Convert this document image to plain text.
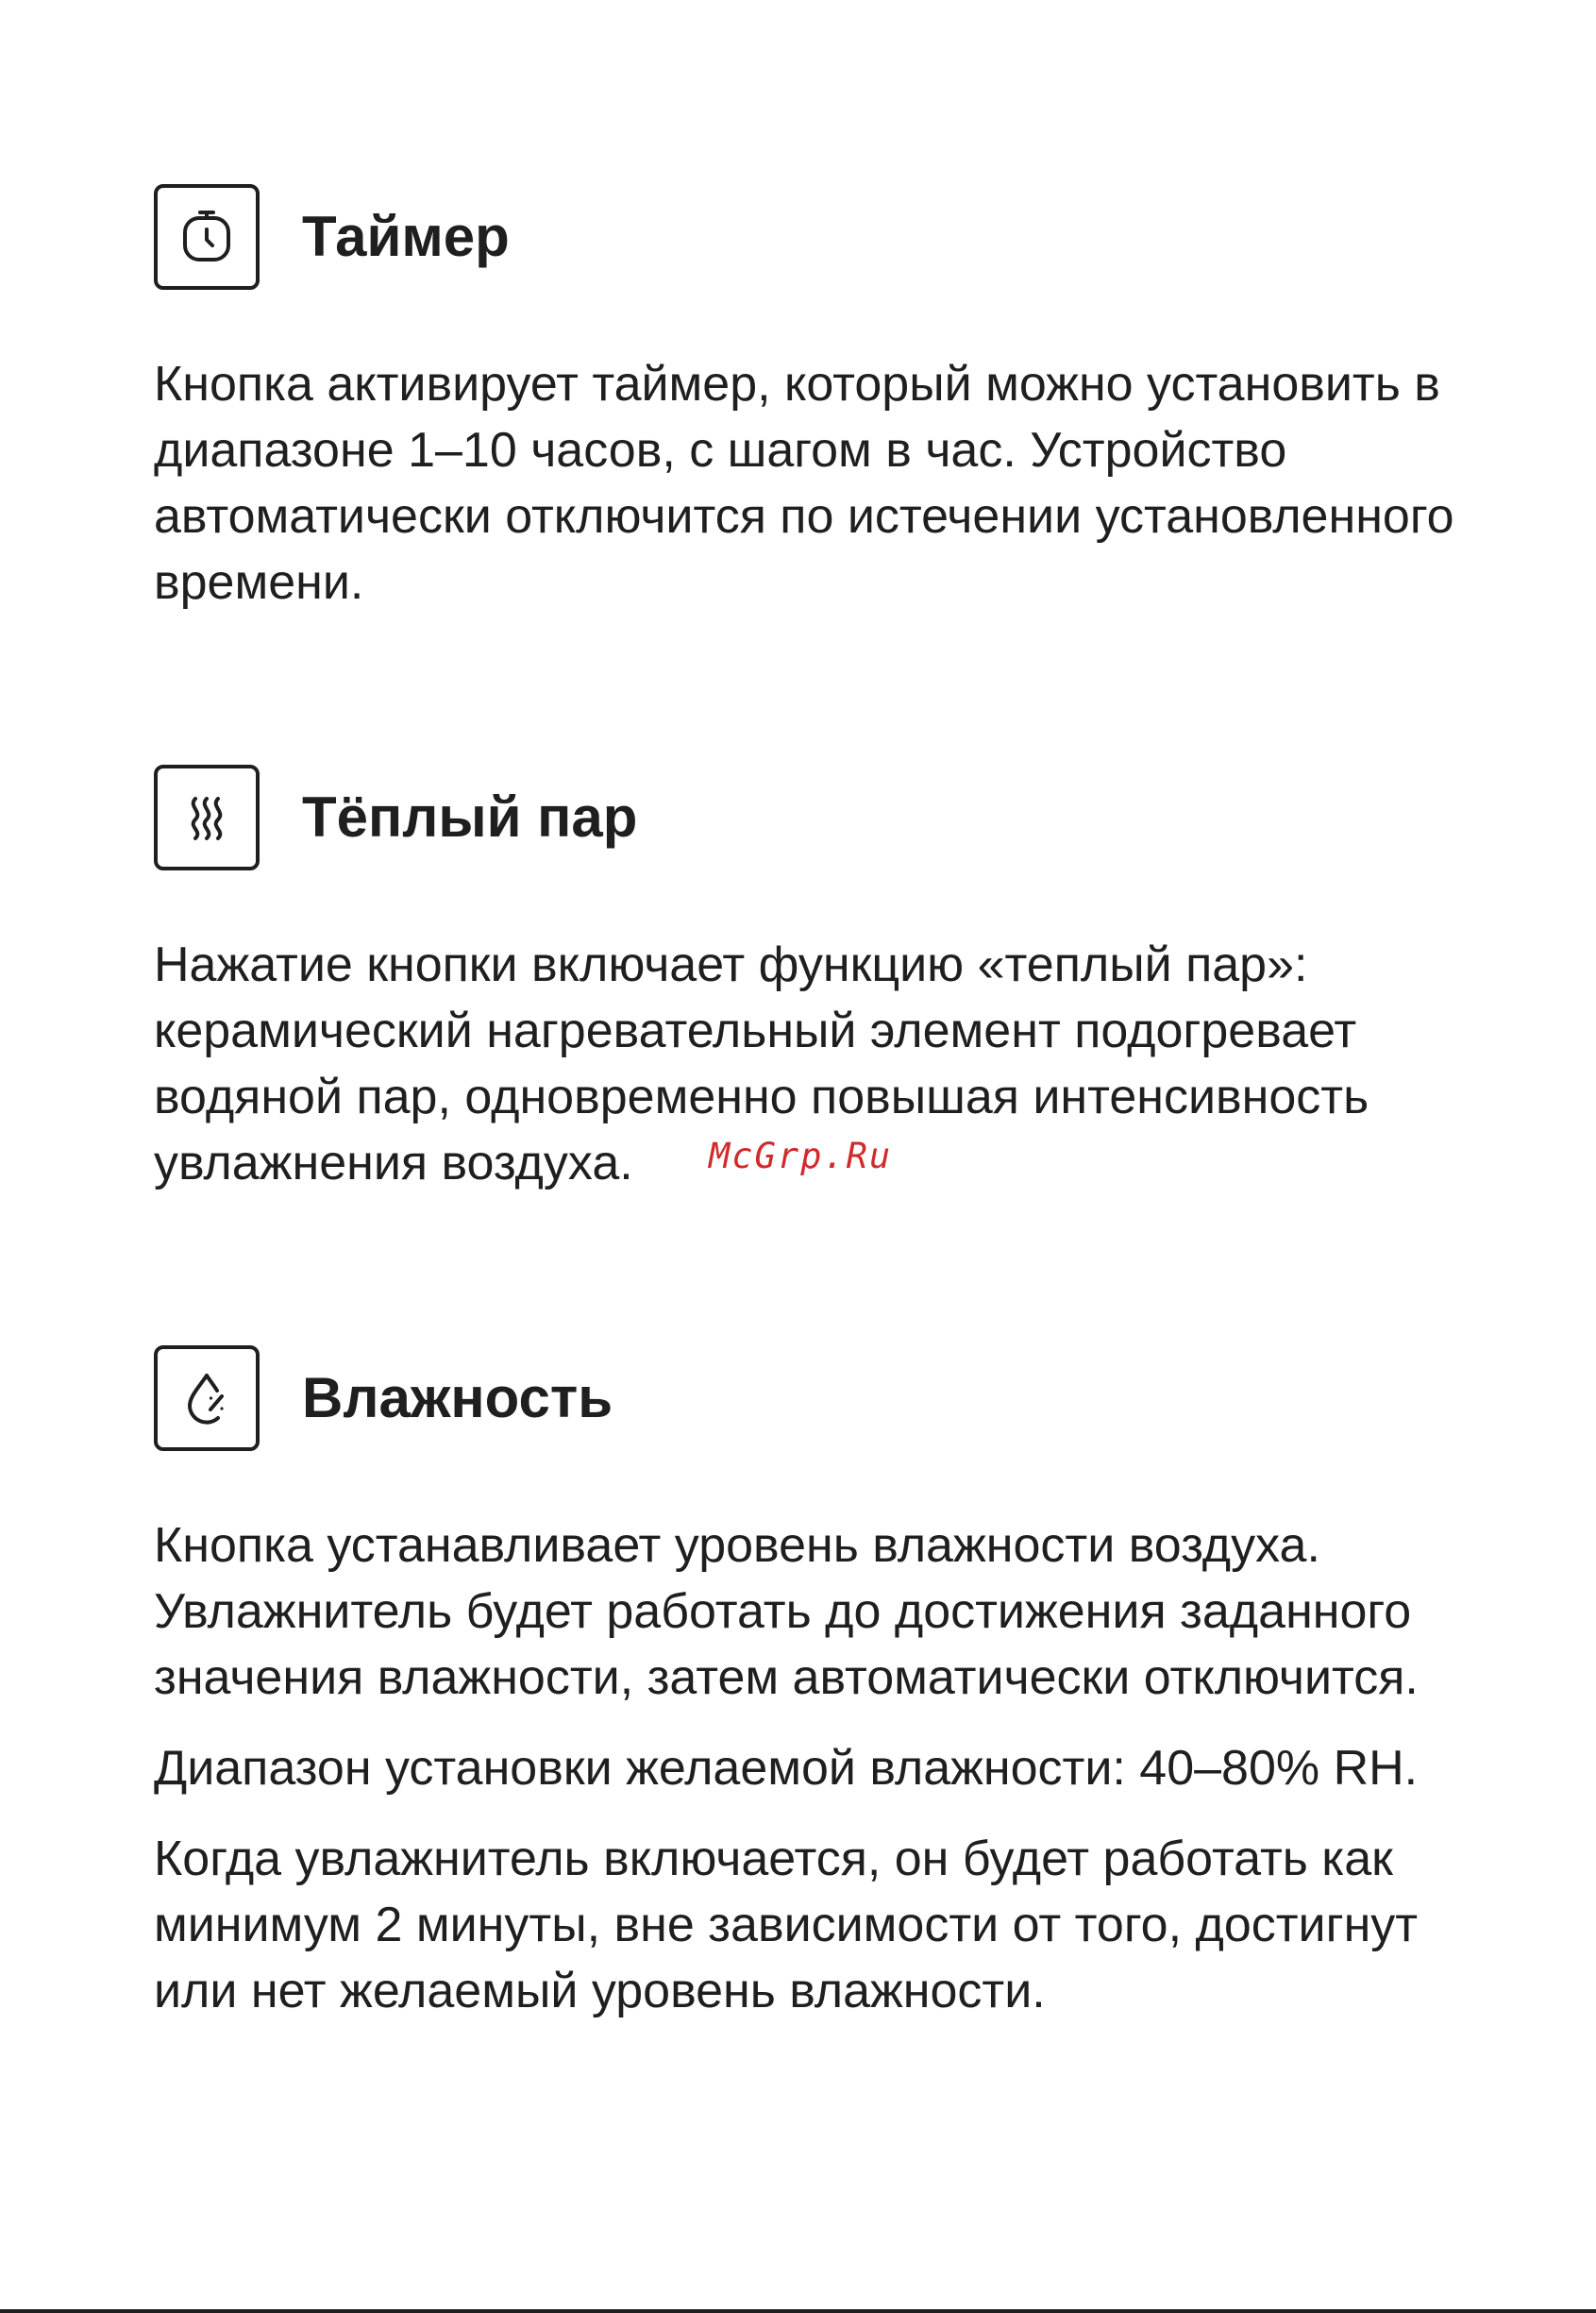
Таймер

Кнопка активирует таймер, который можно установить в диапазоне 1–10 часов, с шагом в час. Устройство автоматически отключится по истечении установленного времени.

Тёплый пар

Нажатие кнопки включает функцию «теплый пар»: керамический нагревательный элемент подогревает водяной пар, одновременно повышая интенсивность увлажнения воздуха.	McGrp.Ru
Влажность

Кнопка устанавливает уровень влажности воздуха. Увлажнитель будет работать до достижения заданного значения влажности, затем автоматически отключится.

Диапазон установки желаемой влажности: 40–80% RH.

Когда увлажнитель включается, он будет работать как минимум 2 минуты, вне зависимости от того, достигнут или нет желаемый уровень влажности.
